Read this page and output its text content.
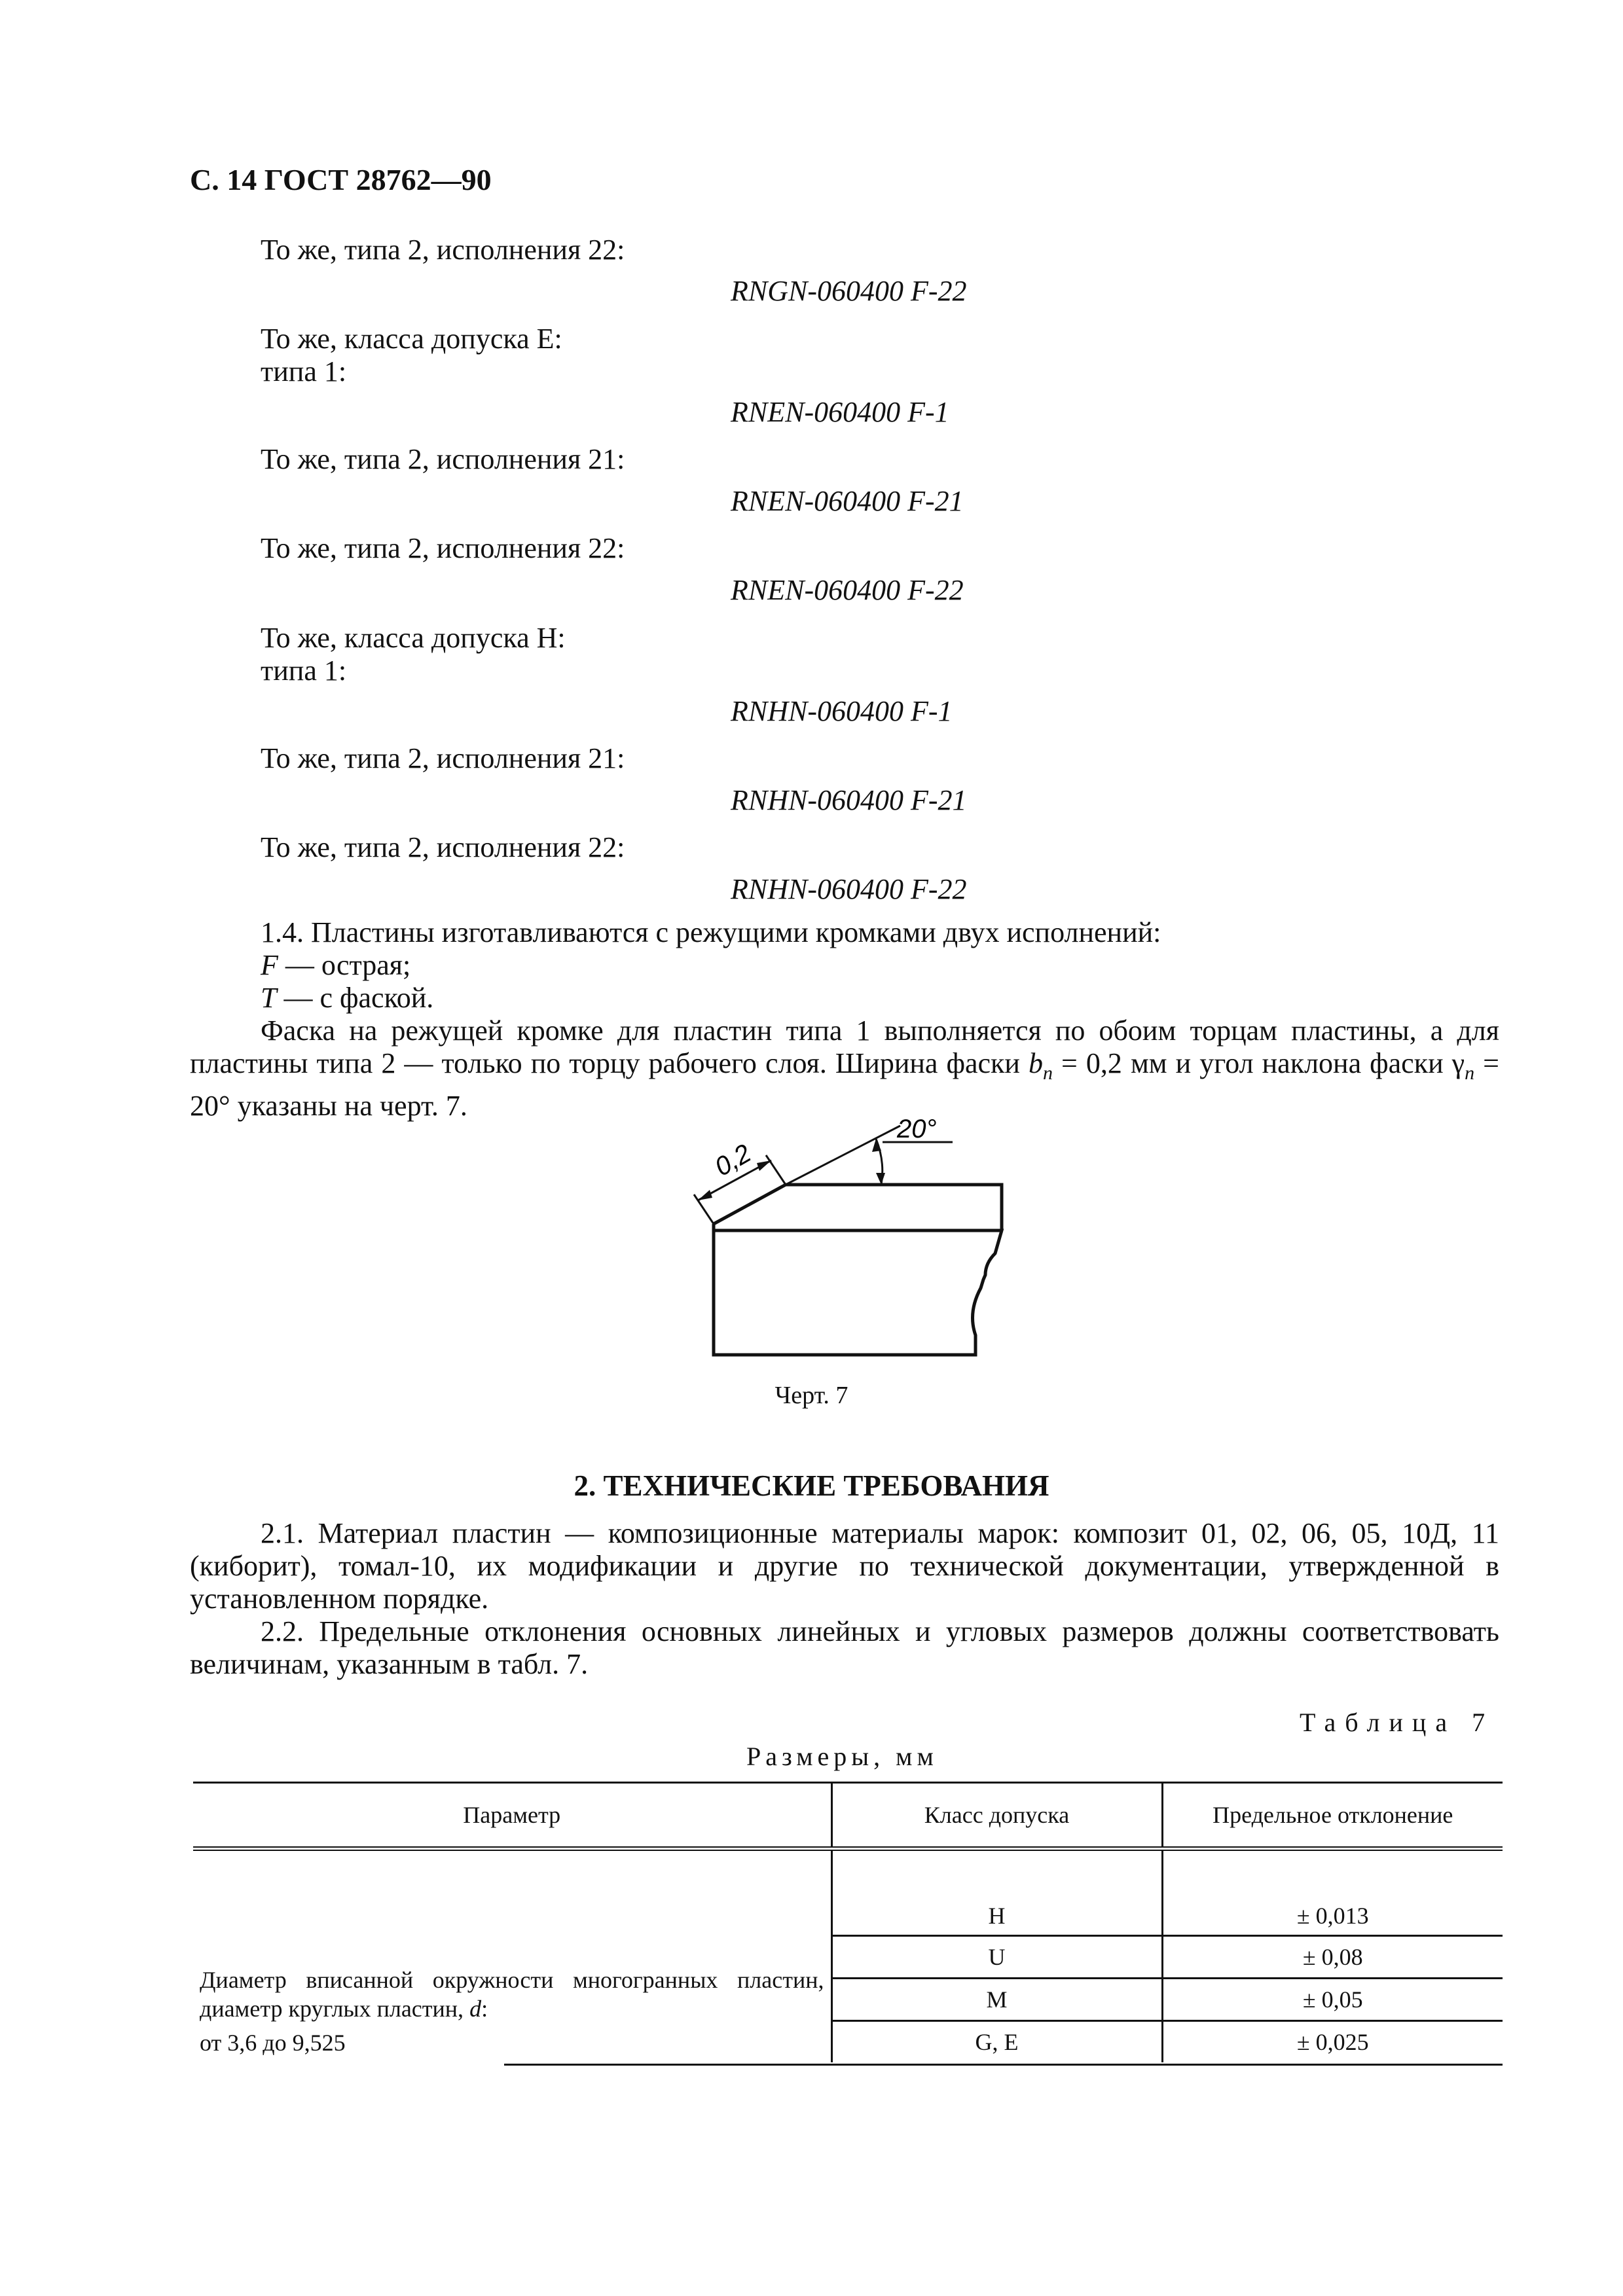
С. 14 ГОСТ 28762—90
То же, типа 2, исполнения 22:
RNGN-060400 F-22
То же, класса допуска E:
типа 1:
RNEN-060400 F-1
То же, типа 2, исполнения 21:
RNEN-060400 F-21
То же, типа 2, исполнения 22:
RNEN-060400 F-22
То же, класса допуска H:
типа 1:
RNHN-060400 F-1
То же, типа 2, исполнения 21:
RNHN-060400 F-21
То же, типа 2, исполнения 22:
RNHN-060400 F-22
1.4. Пластины изготавливаются с режущими кромками двух исполнений:
F — острая;
T — с фаской.
Фаска на режущей кромке для пластин типа 1 выполняется по обоим торцам пластины, а для пластины типа 2 — только по торцу рабочего слоя. Ширина фаски $b_n = 0,2$ мм и угол наклона фаски $\gamma_n = 20^\circ$ указаны на черт. 7.
0,2
20°
Черт. 7
2. ТЕХНИЧЕСКИЕ ТРЕБОВАНИЯ
2.1. Материал пластин — композиционные материалы марок: композит 01, 02, 06, 05, 10Д, 11 (киборит), томал-10, их модификации и другие по технической документации, утвержденной в установленном порядке.
2.2. Предельные отклонения основных линейных и угловых размеров должны соответствовать величинам, указанным в табл. 7.
Таблица 7
Размеры, мм
Параметр	Класс допуска	Предельное отклонение

Диаметр вписанной окружности многогранных пластин, диаметр круглых пластин, d:
от 3,6 до 9,525	H	± 0,013
	U	± 0,08
	M	± 0,05
	G, E	± 0,025
